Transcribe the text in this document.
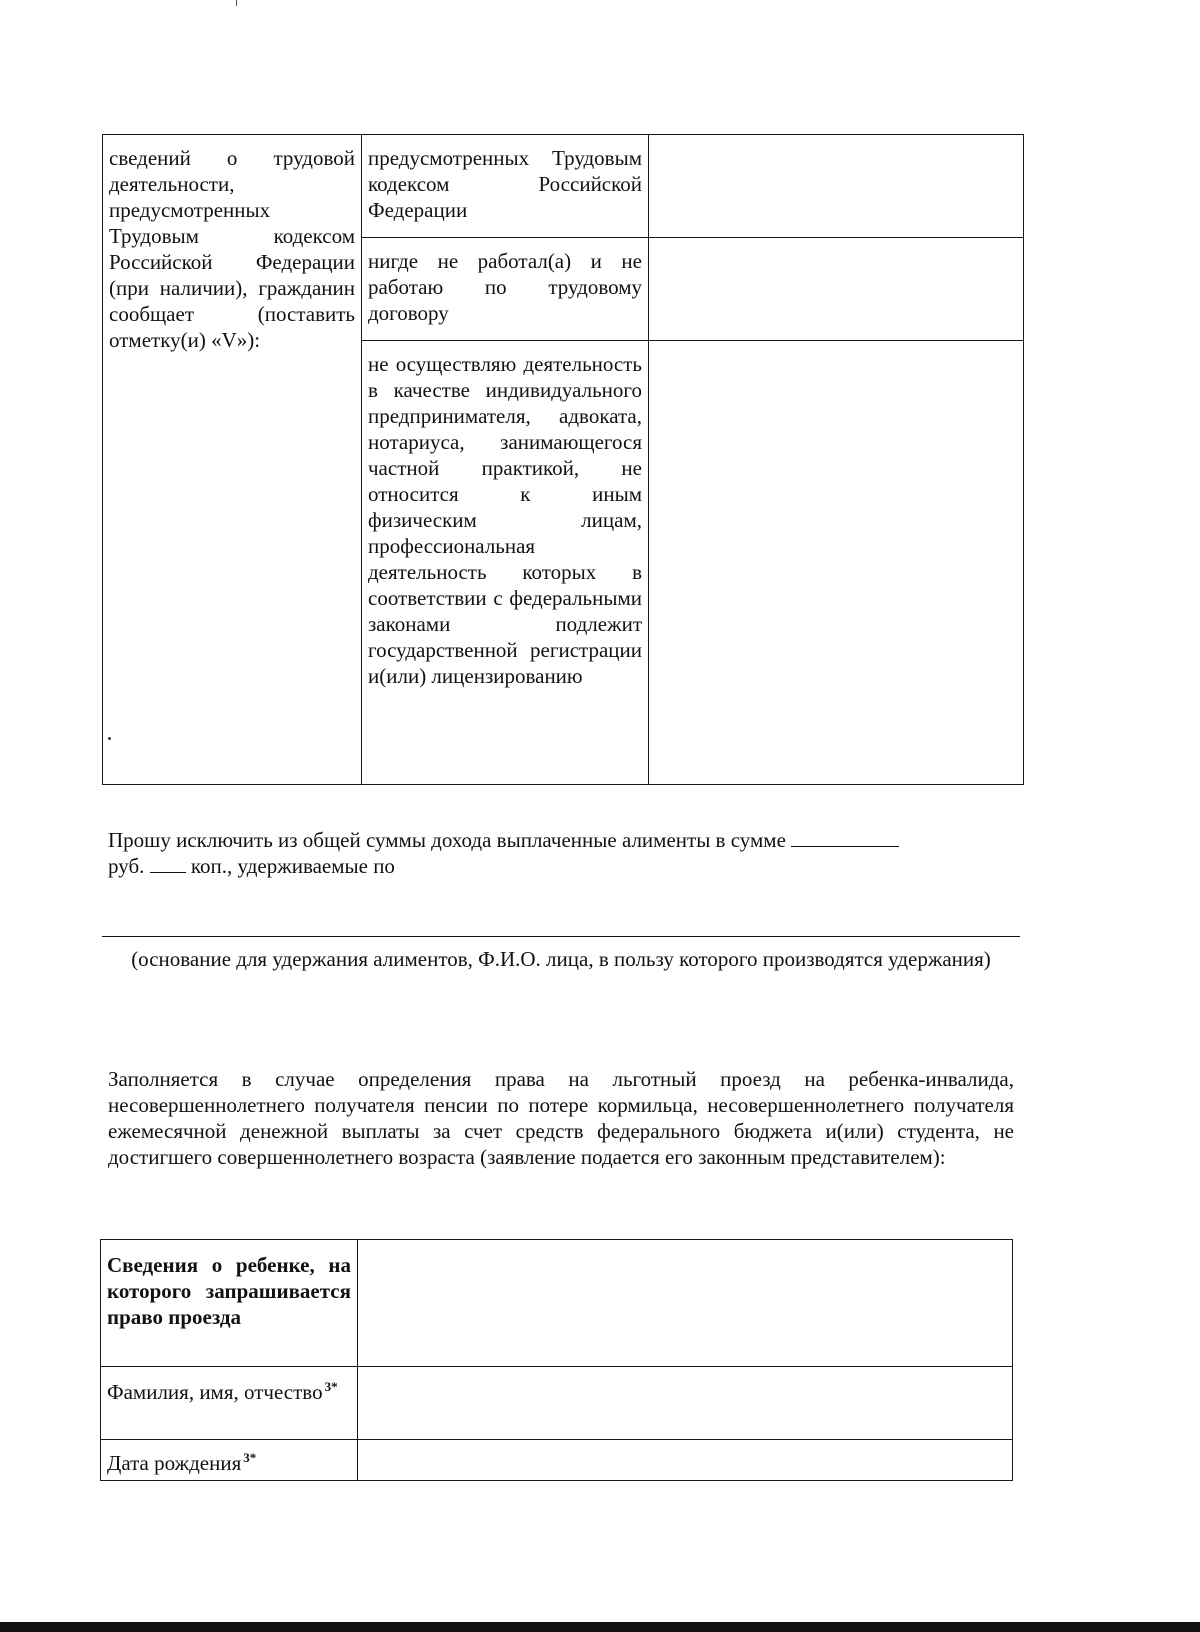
сведений о трудовой деятельности, предусмотренных Трудовым кодексом Российской Федерации (при наличии), гражданин сообщает (поставить отметку(и) «V»):	предусмотренных Трудовым кодексом Российской Федерации	
	нигде не работал(а) и не работаю по трудовому договору	
	не осуществляю деятельность в качестве индивидуального предпринимателя, адвоката, нотариуса, занимающегося частной практикой, не относится к иным физическим лицам, профессиональная деятельность которых в соответствии с федеральными законами подлежит государственной регистрации и(или) лицензированию	
Прошу исключить из общей суммы дохода выплаченные алименты в сумме
руб. коп., удерживаемые по
(основание для удержания алиментов, Ф.И.О. лица, в пользу которого производятся удержания)
Заполняется в случае определения права на льготный проезд на ребенка-инвалида, несовершеннолетнего получателя пенсии по потере кормильца, несовершеннолетнего получателя ежемесячной денежной выплаты за счет средств федерального бюджета и(или) студента, не достигшего совершеннолетнего возраста (заявление подается его законным представителем):
Сведения о ребенке, на которого запрашивается право проезда	
Фамилия, имя, отчество $^{3*}$	
Дата рождения $^{3*}$	
